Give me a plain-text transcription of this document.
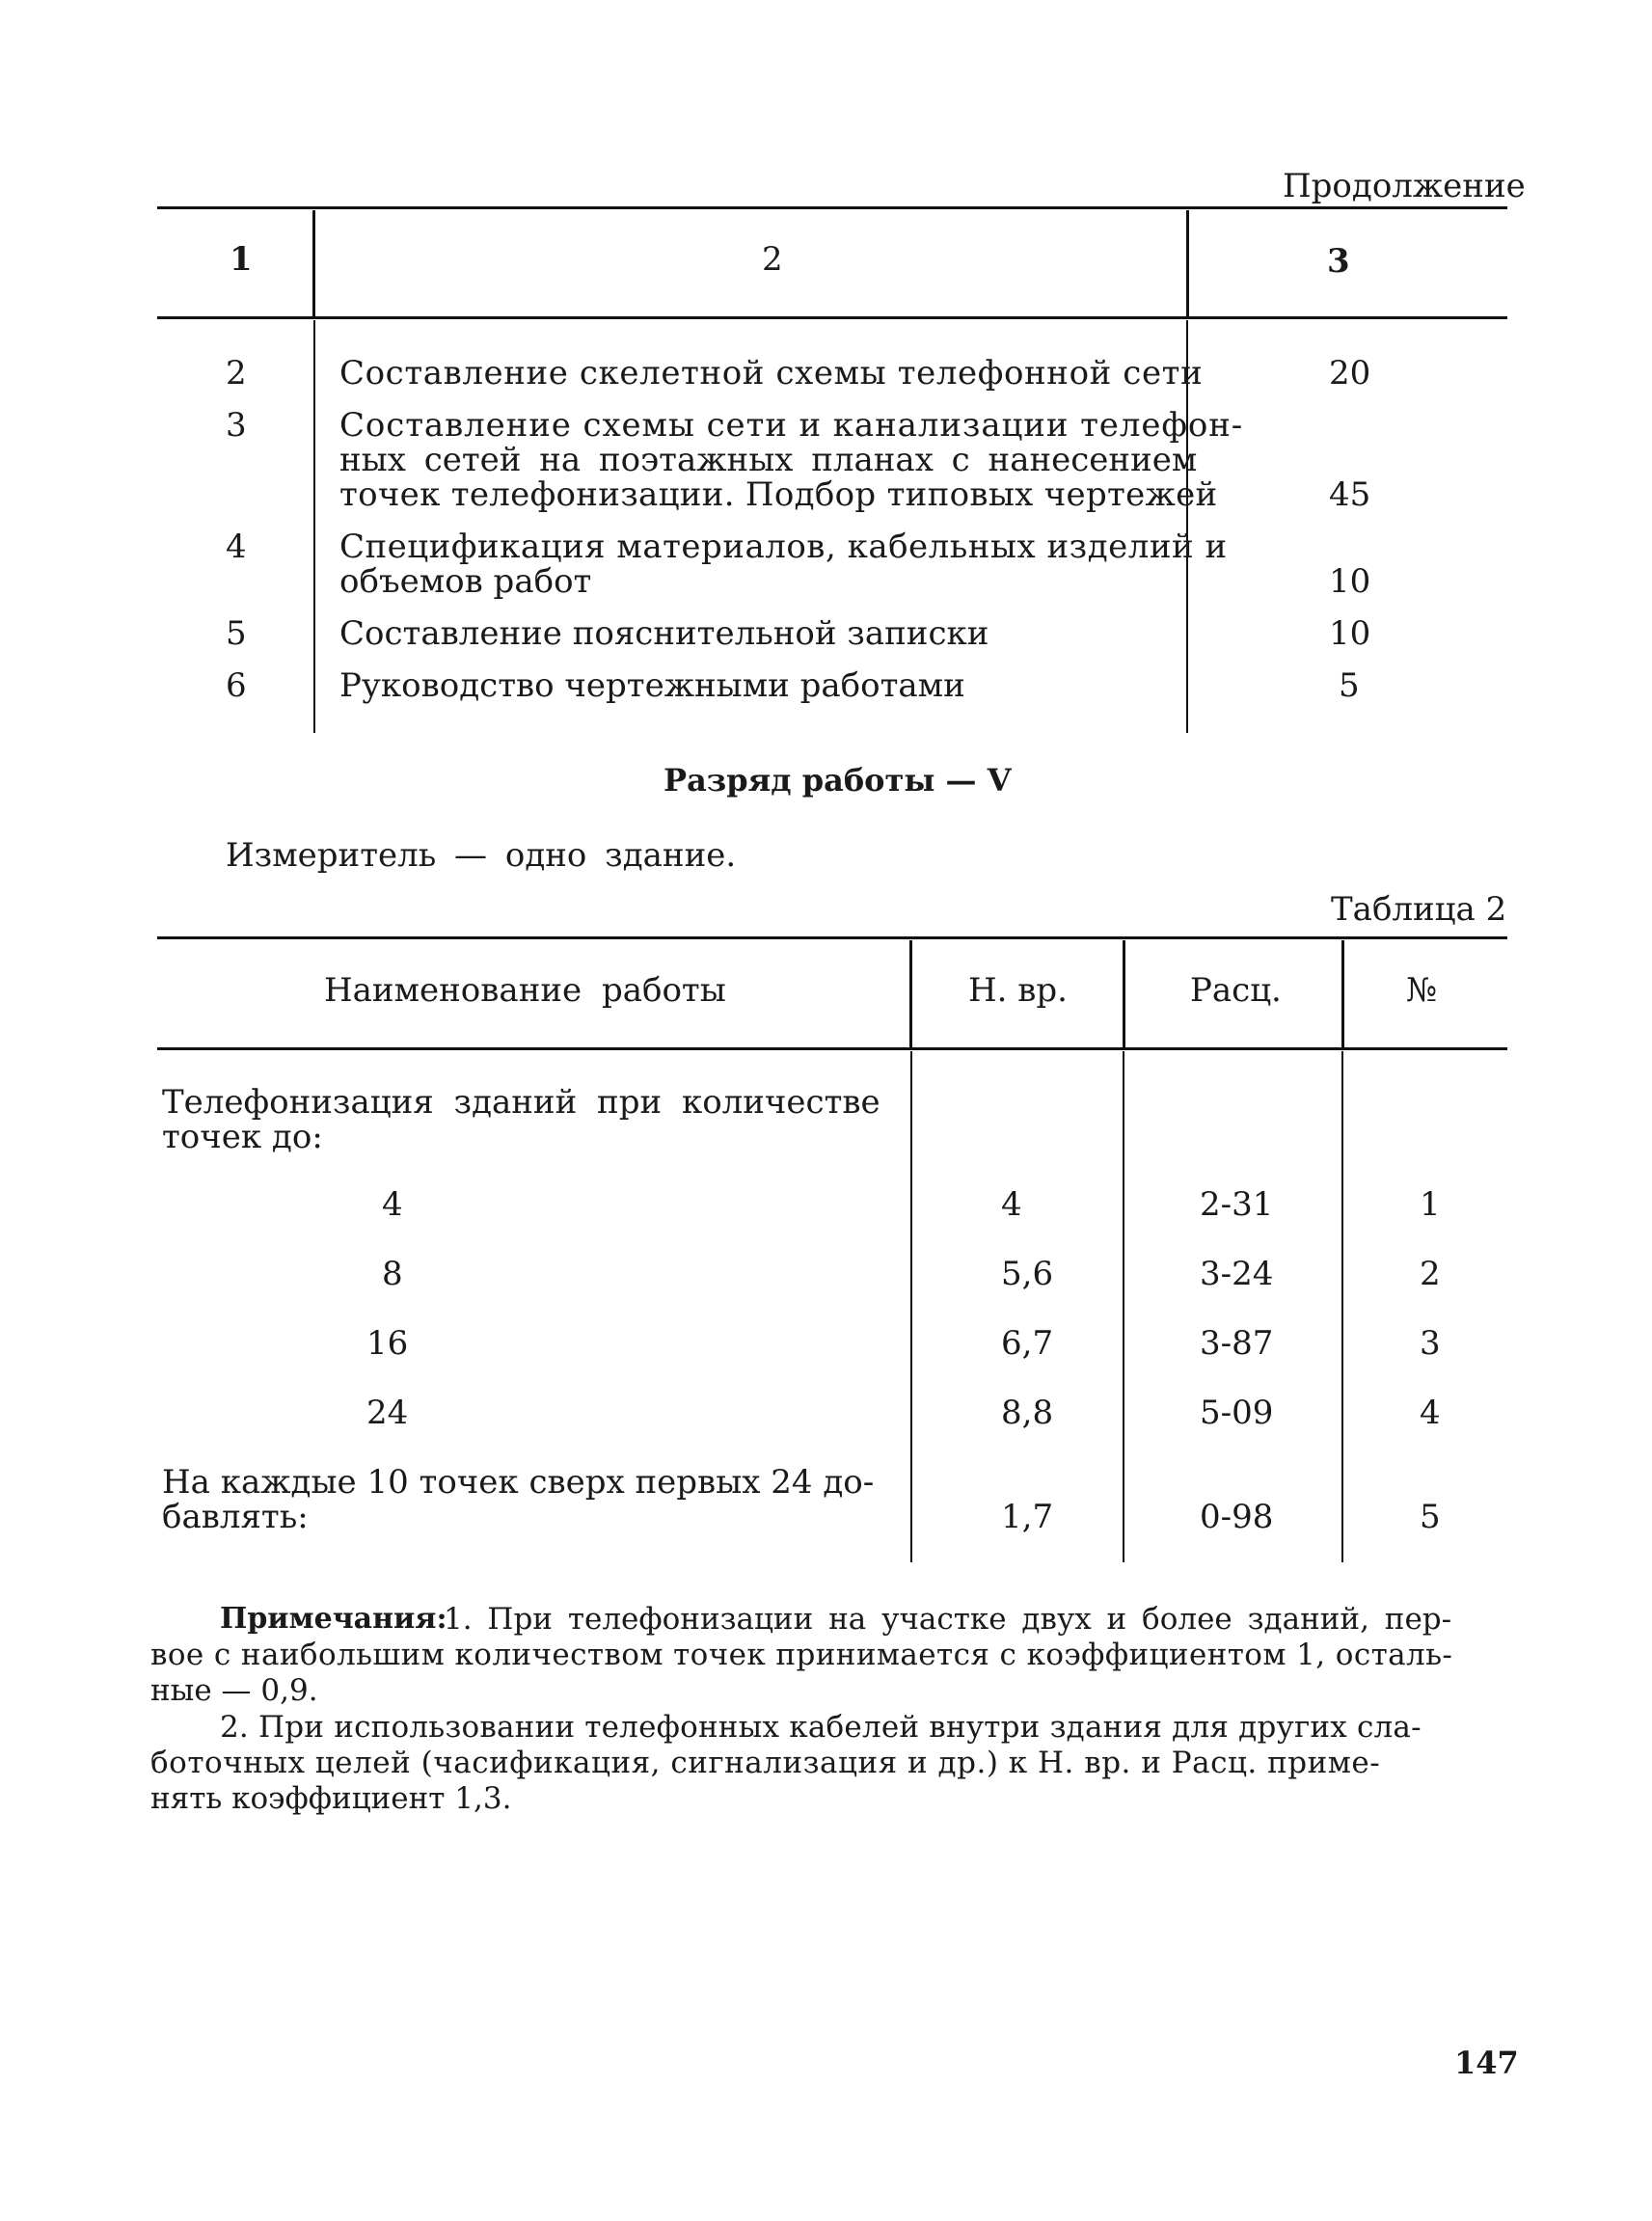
Продолжение
1	2	3
2	Составление скелетной схемы телефонной сети	20
3	Составление схемы сети и канализации телефон-
ных сетей на поэтажных планах с нанесением
точек телефонизации. Подбор типовых чертежей	45
4	Спецификация материалов, кабельных изделий и
объемов работ	10
5	Составление пояснительной записки	10
6	Руководство чертежными работами	5
Разряд работы — V
Измеритель — одно здание.
Таблица 2
Наименование работы	Н. вр.	Расц.	№
Телефонизация зданий при количестве
точек до:
4	4	2-31	1
8	5,6	3-24	2
16	6,7	3-87	3
24	8,8	5-09	4
На каждые 10 точек сверх первых 24 до-
бавлять:	1,7	0-98	5
Примечания:
1. При телефонизации на участке двух и более зданий, пер-
вое с наибольшим количеством точек принимается с коэффициентом 1, осталь-
ные — 0,9.
2. При использовании телефонных кабелей внутри здания для других сла-
боточных целей (часификация, сигнализация и др.) к Н. вр. и Расц. приме-
нять коэффициент 1,3.
147
